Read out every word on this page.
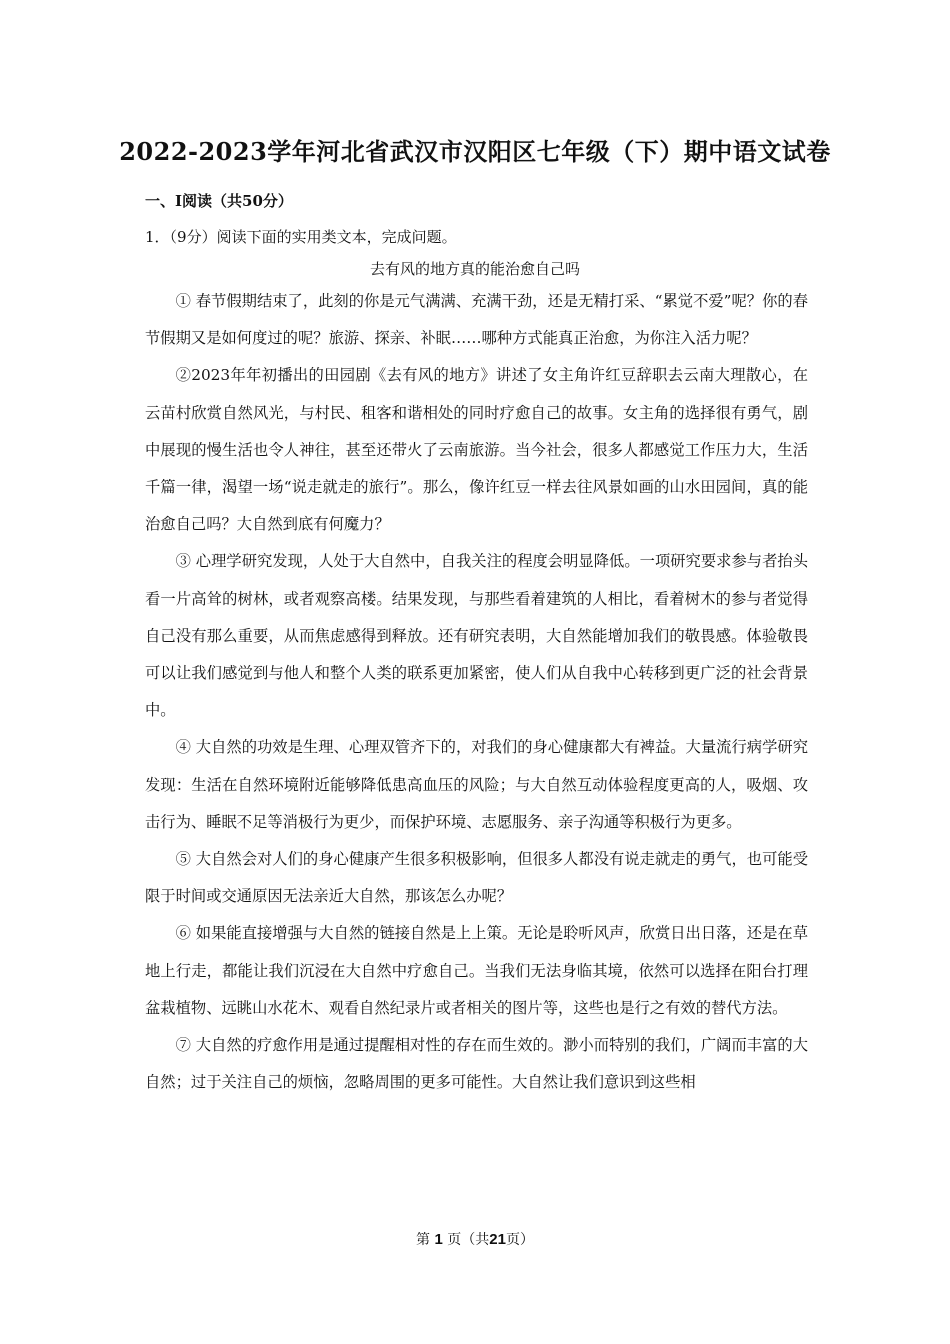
2022-2023学年河北省武汉市汉阳区七年级（下）期中语文试卷
一、Ⅰ阅读（共50分）
1．（9分）阅读下面的实用类文本，完成问题。
去有风的地方真的能治愈自己吗

① 春节假期结束了，此刻的你是元气满满、充满干劲，还是无精打采、“累觉不爱”呢？你的春节假期又是如何度过的呢？旅游、探亲、补眠……哪种方式能真正治愈，为你注入活力呢？

②2023年年初播出的田园剧《去有风的地方》讲述了女主角许红豆辞职去云南大理散心，在云苗村欣赏自然风光，与村民、租客和谐相处的同时疗愈自己的故事。女主角的选择很有勇气，剧中展现的慢生活也令人神往，甚至还带火了云南旅游。当今社会，很多人都感觉工作压力大，生活千篇一律，渴望一场“说走就走的旅行”。那么，像许红豆一样去往风景如画的山水田园间，真的能治愈自己吗？大自然到底有何魔力？

③ 心理学研究发现，人处于大自然中，自我关注的程度会明显降低。一项研究要求参与者抬头看一片高耸的树林，或者观察高楼。结果发现，与那些看着建筑的人相比，看着树木的参与者觉得自己没有那么重要，从而焦虑感得到释放。还有研究表明，大自然能增加我们的敬畏感。体验敬畏可以让我们感觉到与他人和整个人类的联系更加紧密，使人们从自我中心转移到更广泛的社会背景中。

④ 大自然的功效是生理、心理双管齐下的，对我们的身心健康都大有裨益。大量流行病学研究发现：生活在自然环境附近能够降低患高血压的风险；与大自然互动体验程度更高的人，吸烟、攻击行为、睡眠不足等消极行为更少，而保护环境、志愿服务、亲子沟通等积极行为更多。

⑤ 大自然会对人们的身心健康产生很多积极影响，但很多人都没有说走就走的勇气，也可能受限于时间或交通原因无法亲近大自然，那该怎么办呢？

⑥ 如果能直接增强与大自然的链接自然是上上策。无论是聆听风声，欣赏日出日落，还是在草地上行走，都能让我们沉浸在大自然中疗愈自己。当我们无法身临其境，依然可以选择在阳台打理盆栽植物、远眺山水花木、观看自然纪录片或者相关的图片等，这些也是行之有效的替代方法。

⑦ 大自然的疗愈作用是通过提醒相对性的存在而生效的。渺小而特别的我们，广阔而丰富的大自然；过于关注自己的烦恼，忽略周围的更多可能性。大自然让我们意识到这些相

第 1 页（共21页）
